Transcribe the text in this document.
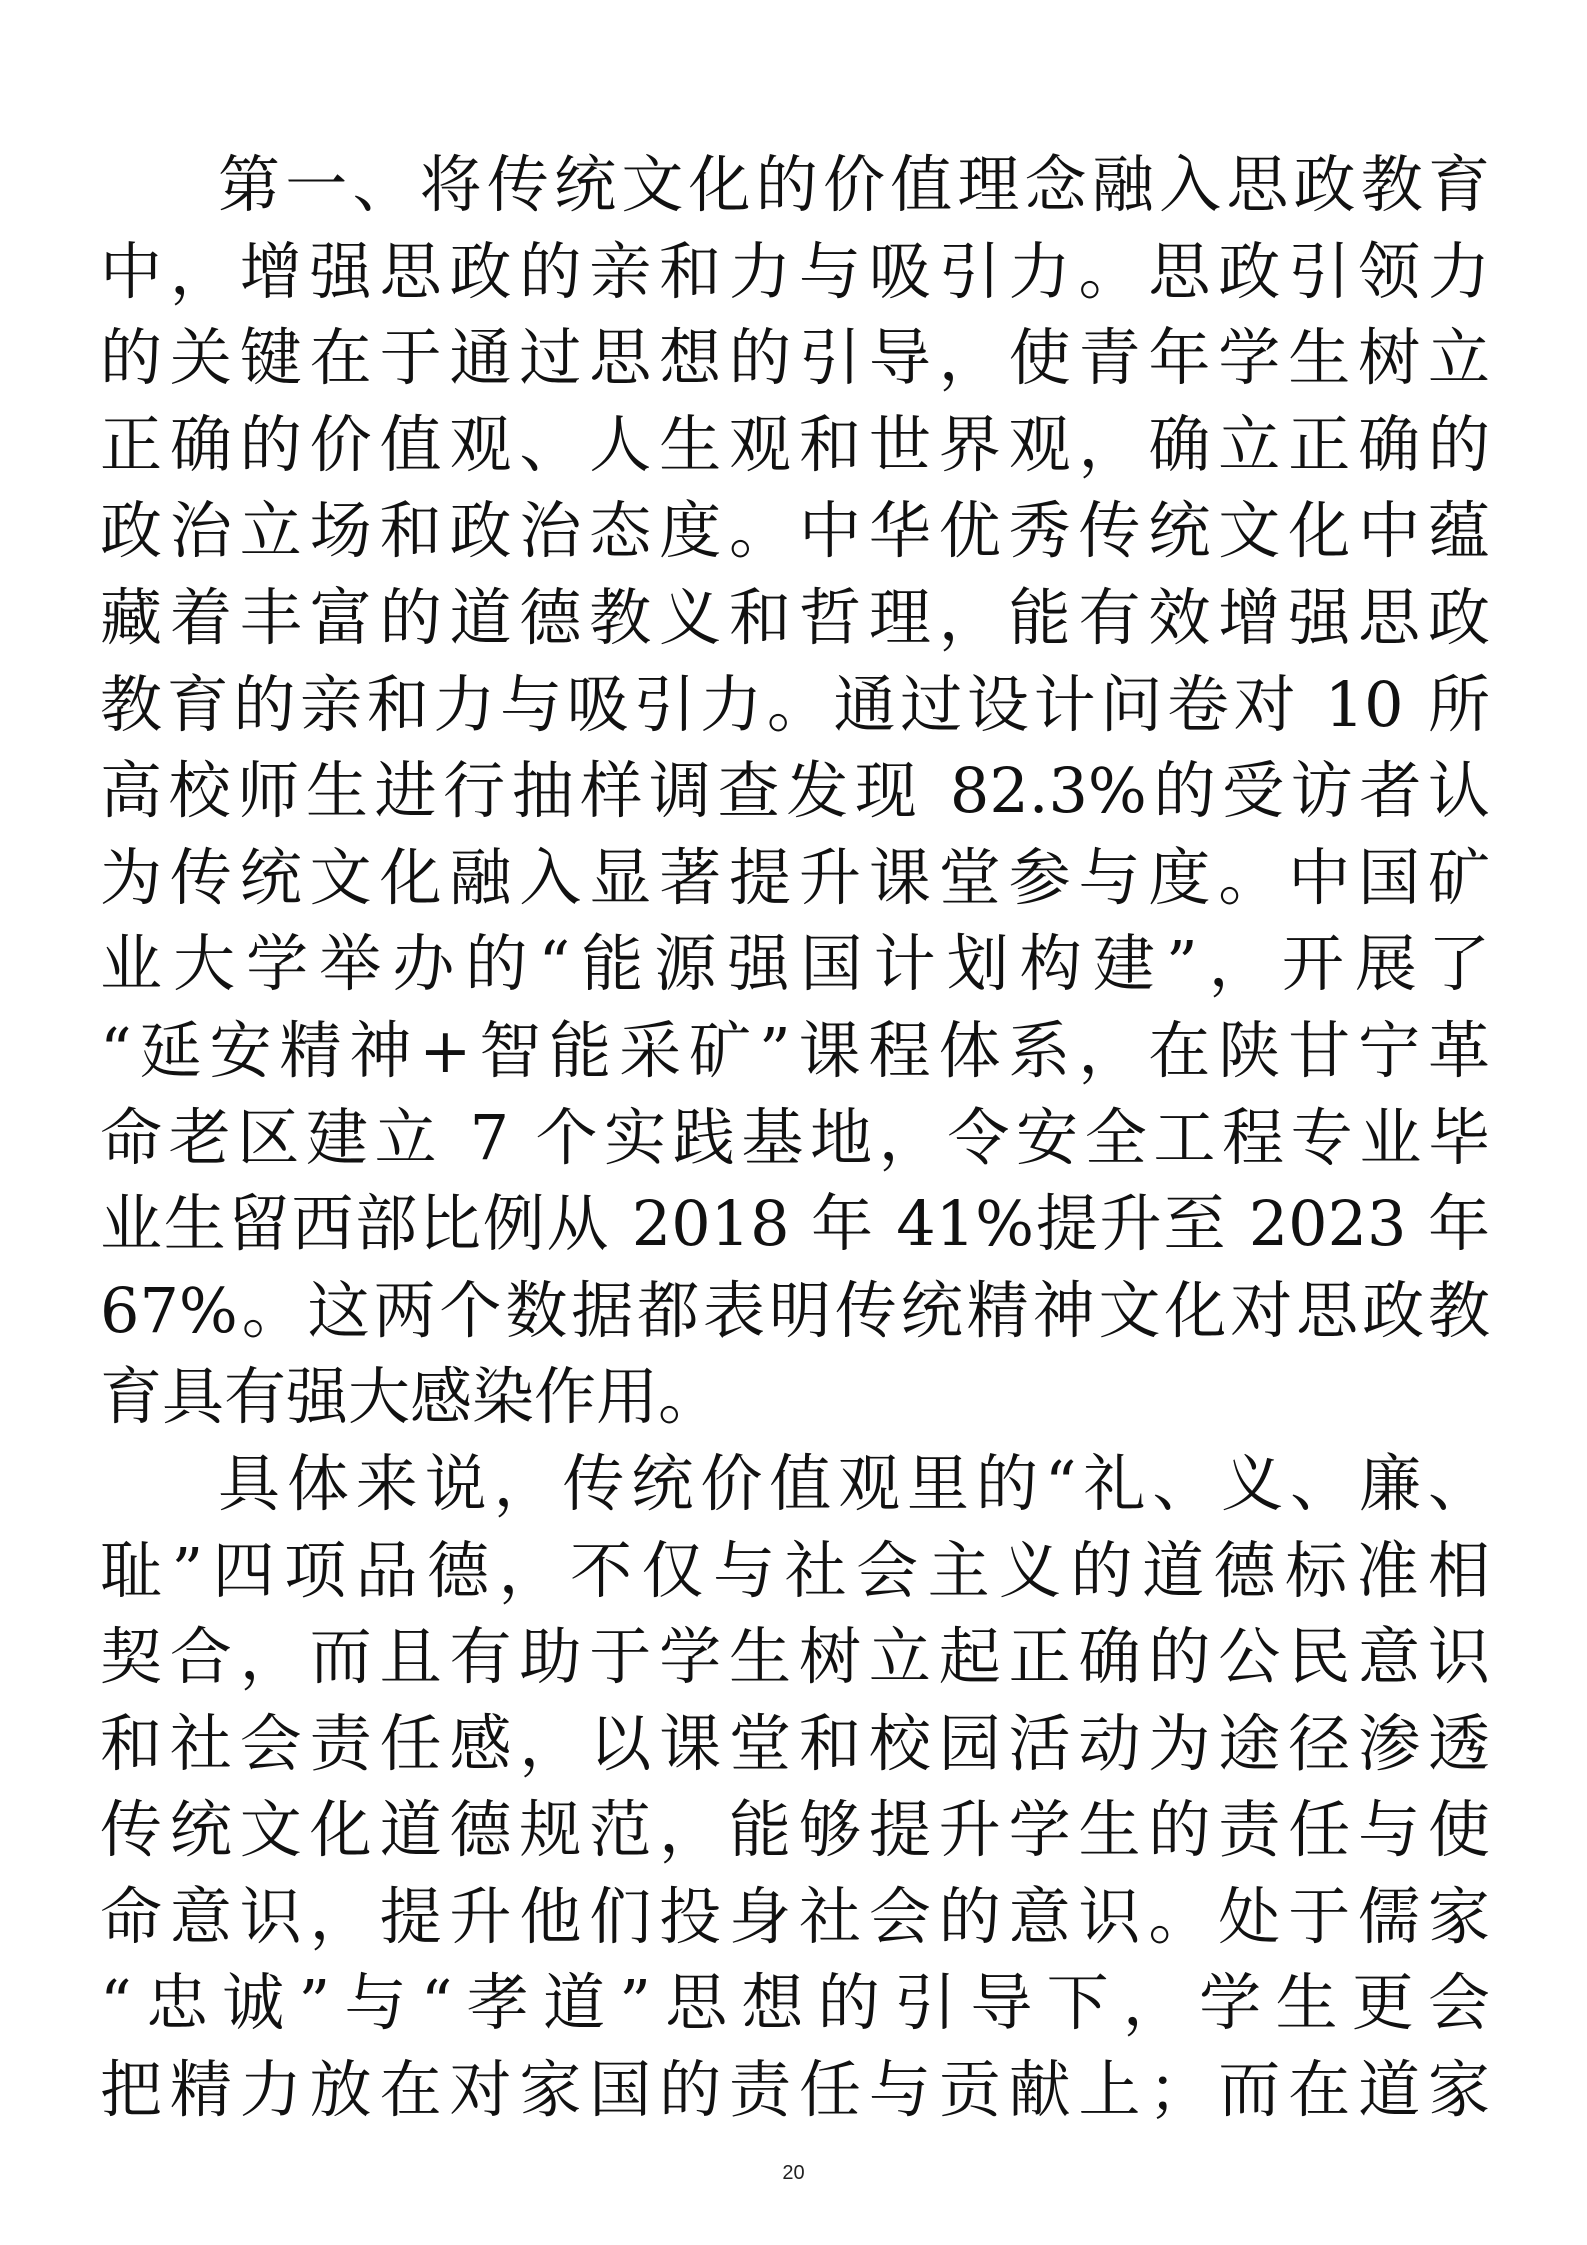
第一、将传统文化的价值理念融入思政教育
中，增强思政的亲和力与吸引力。思政引领力
的关键在于通过思想的引导，使青年学生树立
正确的价值观、人生观和世界观，确立正确的
政治立场和政治态度。中华优秀传统文化中蕴
藏着丰富的道德教义和哲理，能有效增强思政
教育的亲和力与吸引力。通过设计问卷对 10 所
高校师生进行抽样调查发现 82.3%的受访者认
为传统文化融入显著提升课堂参与度。中国矿
业大学举办的“能源强国计划构建”，开展了
“延安精神+智能采矿”课程体系，在陕甘宁革
命老区建立 7 个实践基地，令安全工程专业毕
业生留西部比例从 2018 年 41%提升至 2023 年
67%。这两个数据都表明传统精神文化对思政教
育具有强大感染作用。
具体来说，传统价值观里的“礼、义、廉、
耻”四项品德，不仅与社会主义的道德标准相
契合，而且有助于学生树立起正确的公民意识
和社会责任感，以课堂和校园活动为途径渗透
传统文化道德规范，能够提升学生的责任与使
命意识，提升他们投身社会的意识。处于儒家
“忠诚”与“孝道”思想的引导下，学生更会
把精力放在对家国的责任与贡献上；而在道家
20
